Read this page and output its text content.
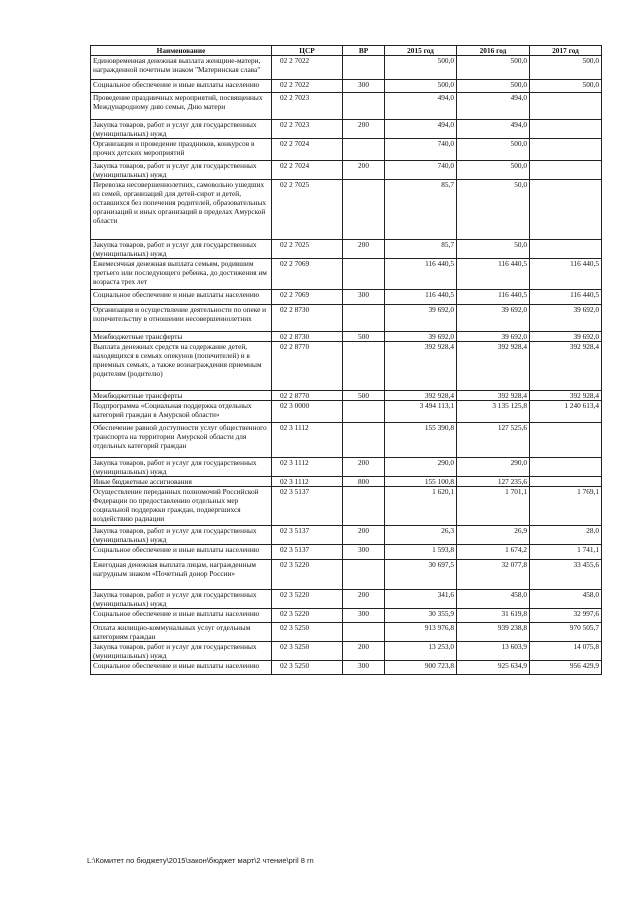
Наименование	ЦСР	ВР	2015 год	2016 год	2017 год
Единовременная денежная выплата женщине-матери, награжденной почетным знаком "Материнская слава"	02 2 7022		500,0	500,0	500,0
Социальное обеспечение и иные выплаты населению	02 2 7022	300	500,0	500,0	500,0
Проведение праздничных мероприятий, посвященных Международному дню семьи, Дню матери	02 2 7023		494,0	494,0	
Закупка товаров, работ и услуг для государственных (муниципальных) нужд	02 2 7023	200	494,0	494,0	
Организация и проведение праздников, конкурсов в прочих детских мероприятий	02 2 7024		740,0	500,0	
Закупка товаров, работ и услуг для государственных (муниципальных) нужд	02 2 7024	200	740,0	500,0	
Перевозка несовершеннолетних, самовольно ушедших из семей, организаций для детей-сирот и детей, оставшихся без попечения родителей, образовательных организаций и иных организаций в пределах Амурской области	02 2 7025		85,7	50,0	
Закупка товаров, работ и услуг для государственных (муниципальных) нужд	02 2 7025	200	85,7	50,0	
Ежемесячная денежная выплата семьям, родившим третьего или последующего ребенка, до достижения им возраста трех лет	02 2 7069		116 440,5	116 440,5	116 440,5
Социальное обеспечение и иные выплаты населению	02 2 7069	300	116 440,5	116 440,5	116 440,5
Организация и осуществление деятельности по опеке и попечительству в отношении несовершеннолетних	02 2 8730		39 692,0	39 692,0	39 692,0
Межбюджетные трансферты	02 2 8730	500	39 692,0	39 692,0	39 692,0
Выплата денежных средств на содержание детей, находящихся в семьях опекунов (попечителей) и в приемных семьях, а также вознаграждения приемным родителям (родителю)	02 2 8770		392 928,4	392 928,4	392 928,4
Межбюджетные трансферты	02 2 8770	500	392 928,4	392 928,4	392 928,4
Подпрограмма «Социальная поддержка отдельных категорий граждан в Амурской области»	02 3 0000		3 494 113,1	3 135 125,8	1 240 613,4
Обеспечение равной доступности услуг общественного транспорта на территории Амурской области для отдельных категорий граждан	02 3 1112		155 390,8	127 525,6	
Закупка товаров, работ и услуг для государственных (муниципальных) нужд	02 3 1112	200	290,0	290,0	
Иные бюджетные ассигнования	02 3 1112	800	155 100,8	127 235,6	
Осуществление переданных полномочий Российской Федерации по предоставлению отдельных мер социальной поддержки граждан, подвергшихся воздействию радиации	02 3 5137		1 620,1	1 701,1	1 769,1
Закупка товаров, работ и услуг для государственных (муниципальных) нужд	02 3 5137	200	26,3	26,9	28,0
Социальное обеспечение и иные выплаты населению	02 3 5137	300	1 593,8	1 674,2	1 741,1
Ежегодная денежная выплата лицам, награжденным нагрудным знаком «Почетный донор России»	02 3 5220		30 697,5	32 077,8	33 455,6
Закупка товаров, работ и услуг для государственных (муниципальных) нужд	02 3 5220	200	341,6	458,0	458,0
Социальное обеспечение и иные выплаты населению	02 3 5220	300	30 355,9	31 619,8	32 997,6
Оплата жилищно-коммунальных услуг отдельным категориям граждан	02 3 5250		913 976,8	939 238,8	970 505,7
Закупка товаров, работ и услуг для государственных (муниципальных) нужд	02 3 5250	200	13 253,0	13 603,9	14 075,8
Социальное обеспечение и иные выплаты населению	02 3 5250	300	900 723,8	925 634,9	956 429,9
L:\Комитет по бюджету\2015\закон\бюджет март\2 чтение\pril 8 rn
